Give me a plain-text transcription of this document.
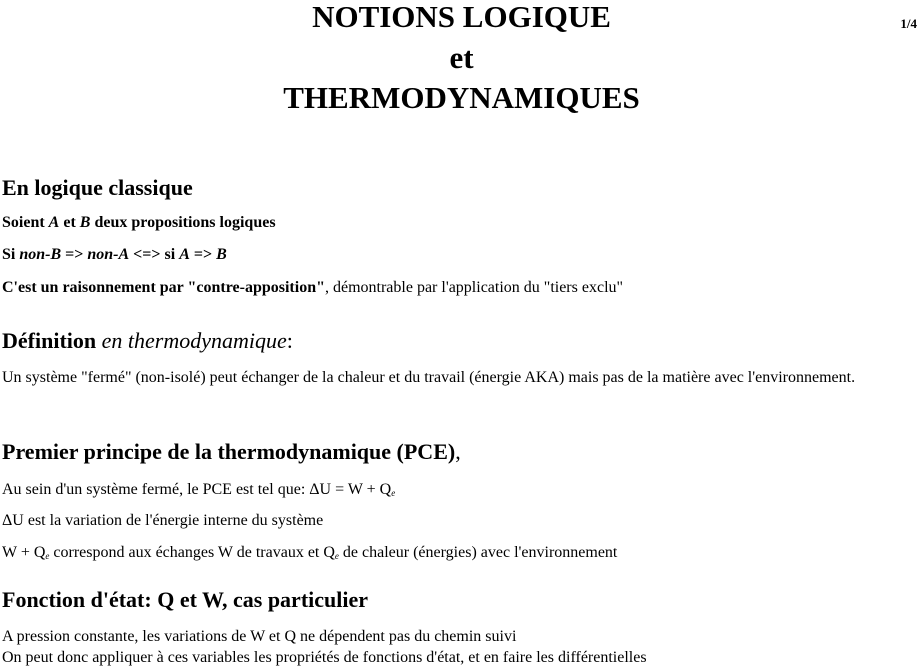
NOTIONS LOGIQUE
et
THERMODYNAMIQUES
1/4
En logique classique
Soient A et B deux propositions logiques
Si non-B => non-A <=> si A => B
C'est un raisonnement par "contre-apposition", démontrable par l'application du "tiers exclu"
Définition en thermodynamique:
Un système "fermé" (non-isolé) peut échanger de la chaleur et du travail (énergie AKA) mais pas de la matière avec l'environnement.
Premier principe de la thermodynamique (PCE),
Au sein d'un système fermé, le PCE est tel que: $\Delta U = W + Q_e$
ΔU est la variation de l'énergie interne du système
$W + Q_e$ correspond aux échanges W de travaux et $Q_e$ de chaleur (énergies) avec l'environnement
Fonction d'état: Q et W, cas particulier
A pression constante, les variations de W et Q ne dépendent pas du chemin suivi
On peut donc appliquer à ces variables les propriétés de fonctions d'état, et en faire les différentielles
